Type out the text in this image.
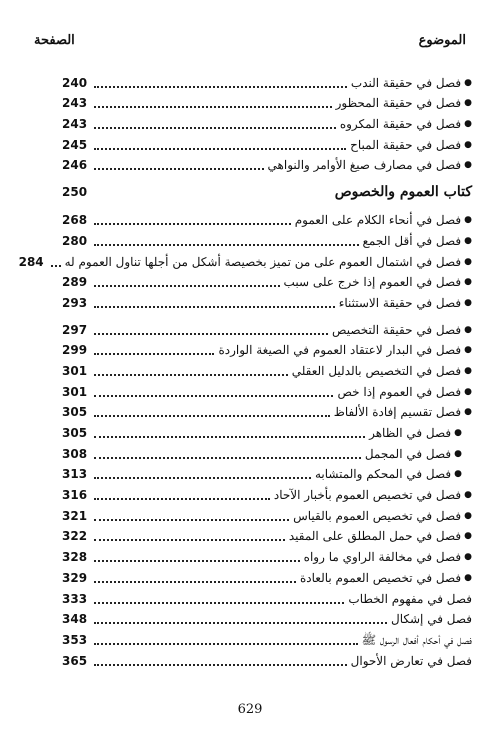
الموضوع
الصفحة
●
فصل في حقيقة الندب
240
●
فصل في حقيقة المحظور
243
●
فصل في حقيقة المكروه
243
●
فصل في حقيقة المباح
245
●
فصل في مصارف صيغ الأوامر والنواهي
246
كتاب العموم والخصوص
250
●
فصل في أنحاء الكلام على العموم
268
●
فصل في أقل الجمع
280
●
فصل في اشتمال العموم على من تميز بخصيصة أشكل من أجلها تناول العموم له
284
●
فصل في العموم إذا خرج على سبب
289
●
فصل في حقيقة الاستثناء
293
●
فصل في حقيقة التخصيص
297
●
فصل في البدار لاعتقاد العموم في الصيغة الواردة
299
●
فصل في التخصيص بالدليل العقلي
301
●
فصل في العموم إذا خص
301
●
فصل تقسيم إفادة الألفاظ
305
●
فصل في الظاهر
305
●
فصل في المجمل
308
●
فصل في المحكم والمتشابه
313
●
فصل في تخصيص العموم بأخبار الآحاد
316
●
فصل في تخصيص العموم بالقياس
321
●
فصل في حمل المطلق على المقيد
322
●
فصل في مخالفة الراوي ما رواه
328
●
فصل في تخصيص العموم بالعادة
329
فصل في مفهوم الخطاب
333
فصل في إشكال
348
فصل في أحكام أفعال الرسول ﷺ
353
فصل في تعارض الأحوال
365
629
